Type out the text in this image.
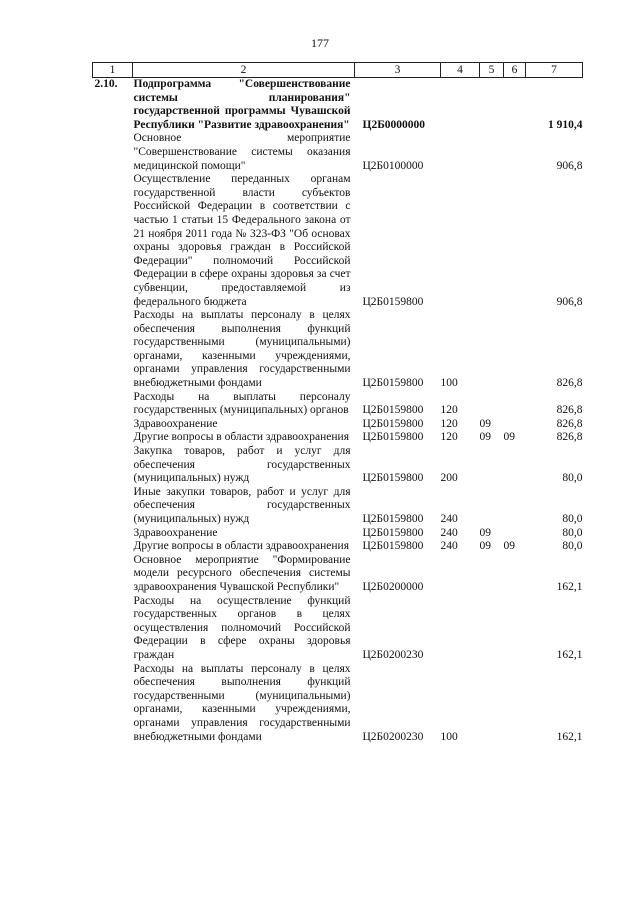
177
1	2	3	4	5	6	7
2.10.	Подпрограмма "Совершенствование системы планирования" государственной программы Чувашской Республики "Развитие здравоохранения"	Ц2Б0000000				1 910,4
	Основное мероприятие "Совершенствование системы оказания медицинской помощи"	Ц2Б0100000				906,8
	Осуществление переданных органам государственной власти субъектов Российской Федерации в соответствии с частью 1 статьи 15 Федерального закона от 21 ноября 2011 года № 323-ФЗ "Об основах охраны здоровья граждан в Российской Федерации" полномочий Российской Федерации в сфере охраны здоровья за счет субвенции, предоставляемой из федерального бюджета	Ц2Б0159800				906,8
	Расходы на выплаты персоналу в целях обеспечения выполнения функций государственными (муниципальными) органами, казенными учреждениями, органами управления государственными внебюджетными фондами	Ц2Б0159800	100			826,8
	Расходы на выплаты персоналу государственных (муниципальных) органов	Ц2Б0159800	120			826,8
	Здравоохранение	Ц2Б0159800	120	09		826,8
	Другие вопросы в области здравоохранения	Ц2Б0159800	120	09	09	826,8
	Закупка товаров, работ и услуг для обеспечения государственных (муниципальных) нужд	Ц2Б0159800	200			80,0
	Иные закупки товаров, работ и услуг для обеспечения государственных (муниципальных) нужд	Ц2Б0159800	240			80,0
	Здравоохранение	Ц2Б0159800	240	09		80,0
	Другие вопросы в области здравоохранения	Ц2Б0159800	240	09	09	80,0
	Основное мероприятие "Формирование модели ресурсного обеспечения системы здравоохранения Чувашской Республики"	Ц2Б0200000				162,1
	Расходы на осуществление функций государственных органов в целях осуществления полномочий Российской Федерации в сфере охраны здоровья граждан	Ц2Б0200230				162,1
	Расходы на выплаты персоналу в целях обеспечения выполнения функций государственными (муниципальными) органами, казенными учреждениями, органами управления государственными внебюджетными фондами	Ц2Б0200230	100			162,1
